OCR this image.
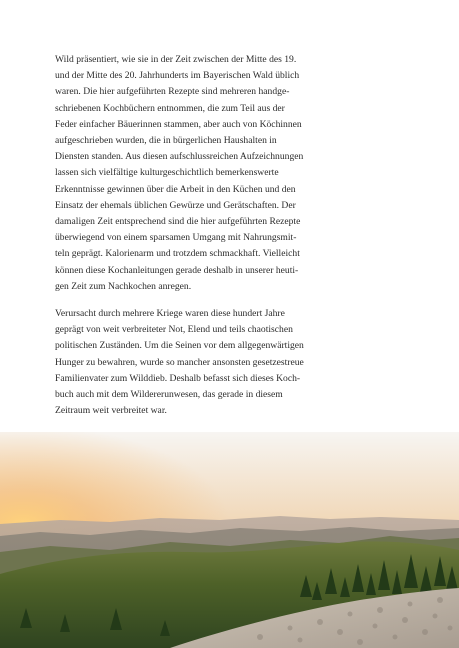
Wild präsentiert, wie sie in der Zeit zwischen der Mitte des 19.
und der Mitte des 20. Jahrhunderts im Bayerischen Wald üblich
waren. Die hier aufgeführten Rezepte sind mehreren handge-
schriebenen Kochbüchern entnommen, die zum Teil aus der
Feder einfacher Bäuerinnen stammen, aber auch von Köchinnen
aufgeschrieben wurden, die in bürgerlichen Haushalten in
Diensten standen. Aus diesen aufschlussreichen Aufzeichnungen
lassen sich vielfältige kulturgeschichtlich bemerkenswerte
Erkenntnisse gewinnen über die Arbeit in den Küchen und den
Einsatz der ehemals üblichen Gewürze und Gerätschaften. Der
damaligen Zeit entsprechend sind die hier aufgeführten Rezepte
überwiegend von einem sparsamen Umgang mit Nahrungsmit-
teln geprägt. Kalorienarm und trotzdem schmackhaft. Vielleicht
können diese Kochanleitungen gerade deshalb in unserer heuti-
gen Zeit zum Nachkochen anregen.

Verursacht durch mehrere Kriege waren diese hundert Jahre
geprägt von weit verbreiteter Not, Elend und teils chaotischen
politischen Zuständen. Um die Seinen vor dem allgegenwärtigen
Hunger zu bewahren, wurde so mancher ansonsten gesetzestreue
Familienvater zum Wilddieb. Deshalb befasst sich dieses Koch-
buch auch mit dem Wildererunwesen, das gerade in diesem
Zeitraum weit verbreitet war.
